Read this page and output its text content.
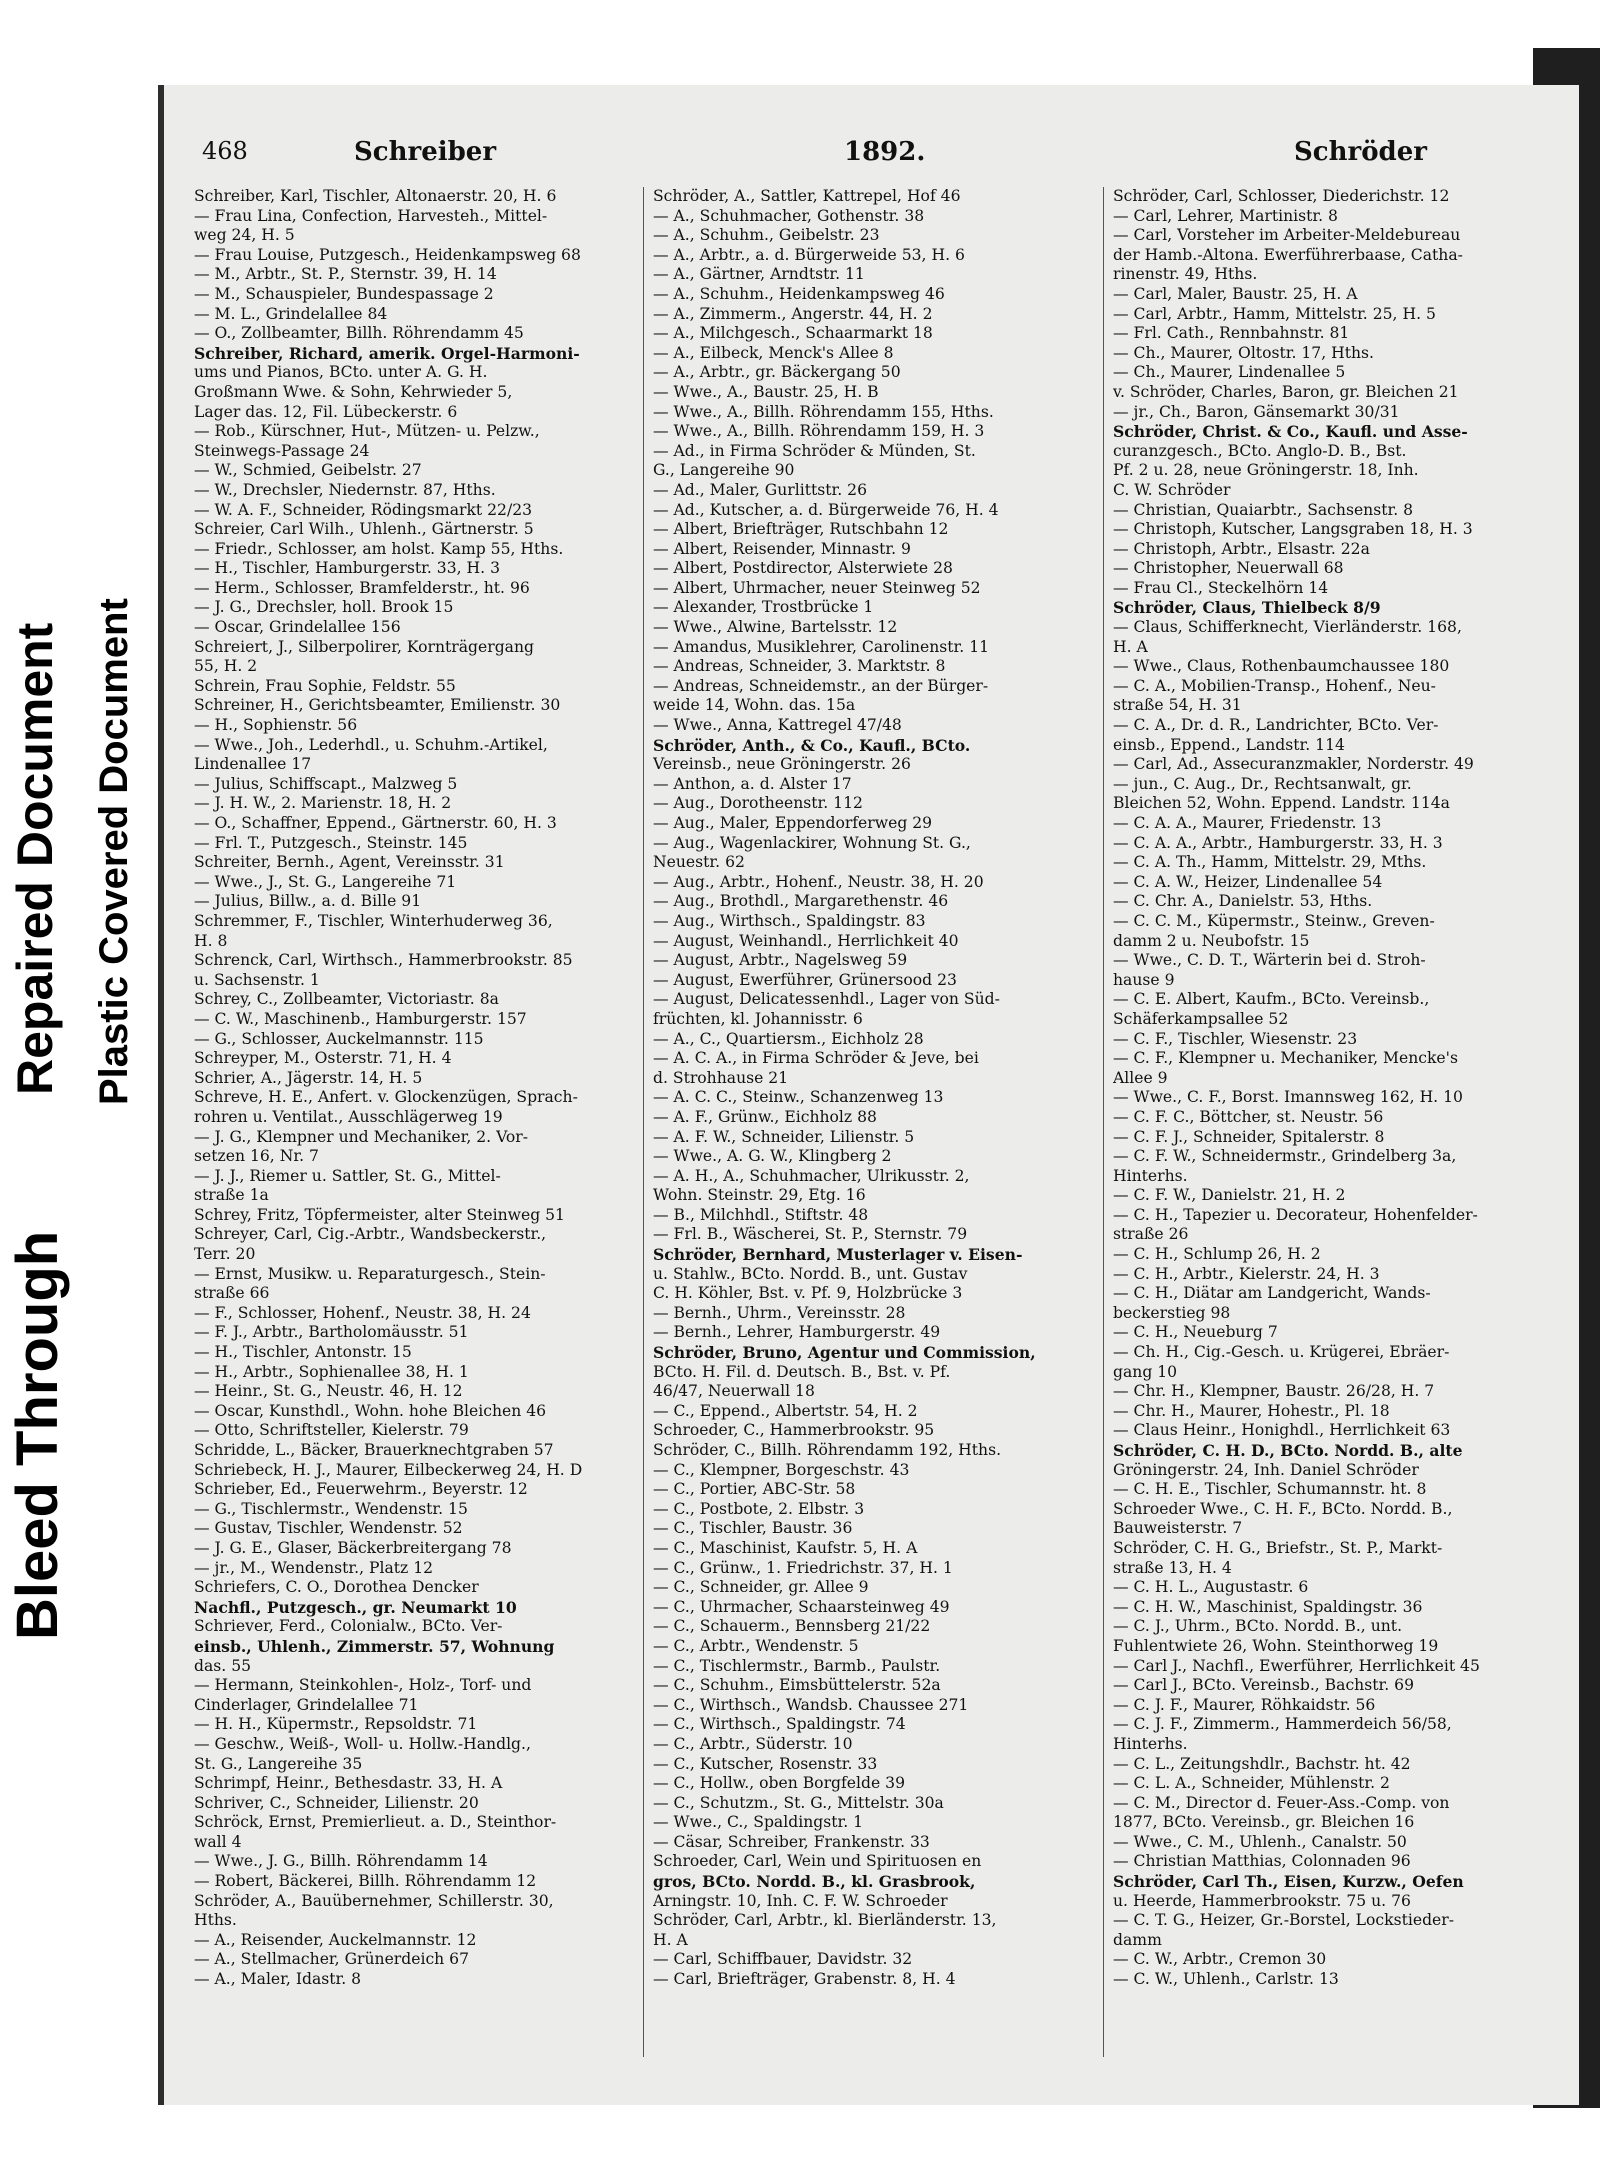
Bleed Through
Repaired Document Plastic Covered Document
468	Schreiber	1892.	Schröder
Schreiber, Karl, Tischler, Altonaerstr. 20, H. 6
— Frau Lina, Confection, Harvesteh., Mittel-
weg 24, H. 5
— Frau Louise, Putzgesch., Heidenkampsweg 68
— M., Arbtr., St. P., Sternstr. 39, H. 14
— M., Schauspieler, Bundespassage 2
— M. L., Grindelallee 84
— O., Zollbeamter, Billh. Röhrendamm 45
Schreiber, Richard, amerik. Orgel-Harmoni-
ums und Pianos, BCto. unter A. G. H.
Großmann Wwe. & Sohn, Kehrwieder 5,
Lager das. 12, Fil. Lübeckerstr. 6
— Rob., Kürschner, Hut-, Mützen- u. Pelzw.,
Steinwegs-Passage 24
— W., Schmied, Geibelstr. 27
— W., Drechsler, Niedernstr. 87, Hths.
— W. A. F., Schneider, Rödingsmarkt 22/23
Schreier, Carl Wilh., Uhlenh., Gärtnerstr. 5
— Friedr., Schlosser, am holst. Kamp 55, Hths.
— H., Tischler, Hamburgerstr. 33, H. 3
— Herm., Schlosser, Bramfelderstr., ht. 96
— J. G., Drechsler, holl. Brook 15
— Oscar, Grindelallee 156
Schreiert, J., Silberpolirer, Kornträgergang
55, H. 2
Schrein, Frau Sophie, Feldstr. 55
Schreiner, H., Gerichtsbeamter, Emilienstr. 30
— H., Sophienstr. 56
— Wwe., Joh., Lederhdl., u. Schuhm.-Artikel,
Lindenallee 17
— Julius, Schiffscapt., Malzweg 5
— J. H. W., 2. Marienstr. 18, H. 2
— O., Schaffner, Eppend., Gärtnerstr. 60, H. 3
— Frl. T., Putzgesch., Steinstr. 145
Schreiter, Bernh., Agent, Vereinsstr. 31
— Wwe., J., St. G., Langereihe 71
— Julius, Billw., a. d. Bille 91
Schremmer, F., Tischler, Winterhuderweg 36,
H. 8
Schrenck, Carl, Wirthsch., Hammerbrookstr. 85
u. Sachsenstr. 1
Schrey, C., Zollbeamter, Victoriastr. 8a
— C. W., Maschinenb., Hamburgerstr. 157
— G., Schlosser, Auckelmannstr. 115
Schreyper, M., Osterstr. 71, H. 4
Schrier, A., Jägerstr. 14, H. 5
Schreve, H. E., Anfert. v. Glockenzügen, Sprach-
rohren u. Ventilat., Ausschlägerweg 19
— J. G., Klempner und Mechaniker, 2. Vor-
setzen 16, Nr. 7
— J. J., Riemer u. Sattler, St. G., Mittel-
straße 1a
Schrey, Fritz, Töpfermeister, alter Steinweg 51
Schreyer, Carl, Cig.-Arbtr., Wandsbeckerstr.,
Terr. 20
— Ernst, Musikw. u. Reparaturgesch., Stein-
straße 66
— F., Schlosser, Hohenf., Neustr. 38, H. 24
— F. J., Arbtr., Bartholomäusstr. 51
— H., Tischler, Antonstr. 15
— H., Arbtr., Sophienallee 38, H. 1
— Heinr., St. G., Neustr. 46, H. 12
— Oscar, Kunsthdl., Wohn. hohe Bleichen 46
— Otto, Schriftsteller, Kielerstr. 79
Schridde, L., Bäcker, Brauerknechtgraben 57
Schriebeck, H. J., Maurer, Eilbeckerweg 24, H. D
Schrieber, Ed., Feuerwehrm., Beyerstr. 12
— G., Tischlermstr., Wendenstr. 15
— Gustav, Tischler, Wendenstr. 52
— J. G. E., Glaser, Bäckerbreitergang 78
— jr., M., Wendenstr., Platz 12
Schriefers, C. O., Dorothea Dencker
Nachfl., Putzgesch., gr. Neumarkt 10
Schriever, Ferd., Colonialw., BCto. Ver-
einsb., Uhlenh., Zimmerstr. 57, Wohnung
das. 55
— Hermann, Steinkohlen-, Holz-, Torf- und
Cinderlager, Grindelallee 71
— H. H., Küpermstr., Repsoldstr. 71
— Geschw., Weiß-, Woll- u. Hollw.-Handlg.,
St. G., Langereihe 35
Schrimpf, Heinr., Bethesdastr. 33, H. A
Schriver, C., Schneider, Lilienstr. 20
Schröck, Ernst, Premierlieut. a. D., Steinthor-
wall 4
— Wwe., J. G., Billh. Röhrendamm 14
— Robert, Bäckerei, Billh. Röhrendamm 12
Schröder, A., Bauübernehmer, Schillerstr. 30,
Hths.
— A., Reisender, Auckelmannstr. 12
— A., Stellmacher, Grünerdeich 67
— A., Maler, Idastr. 8
Schröder, A., Sattler, Kattrepel, Hof 46
— A., Schuhmacher, Gothenstr. 38
— A., Schuhm., Geibelstr. 23
— A., Arbtr., a. d. Bürgerweide 53, H. 6
— A., Gärtner, Arndtstr. 11
— A., Schuhm., Heidenkampsweg 46
— A., Zimmerm., Angerstr. 44, H. 2
— A., Milchgesch., Schaarmarkt 18
— A., Eilbeck, Menck's Allee 8
— A., Arbtr., gr. Bäckergang 50
— Wwe., A., Baustr. 25, H. B
— Wwe., A., Billh. Röhrendamm 155, Hths.
— Wwe., A., Billh. Röhrendamm 159, H. 3
— Ad., in Firma Schröder & Münden, St.
G., Langereihe 90
— Ad., Maler, Gurlittstr. 26
— Ad., Kutscher, a. d. Bürgerweide 76, H. 4
— Albert, Briefträger, Rutschbahn 12
— Albert, Reisender, Minnastr. 9
— Albert, Postdirector, Alsterwiete 28
— Albert, Uhrmacher, neuer Steinweg 52
— Alexander, Trostbrücke 1
— Wwe., Alwine, Bartelsstr. 12
— Amandus, Musiklehrer, Carolinenstr. 11
— Andreas, Schneider, 3. Marktstr. 8
— Andreas, Schneidemstr., an der Bürger-
weide 14, Wohn. das. 15a
— Wwe., Anna, Kattregel 47/48
Schröder, Anth., & Co., Kaufl., BCto.
Vereinsb., neue Gröningerstr. 26
— Anthon, a. d. Alster 17
— Aug., Dorotheenstr. 112
— Aug., Maler, Eppendorferweg 29
— Aug., Wagenlackirer, Wohnung St. G.,
Neuestr. 62
— Aug., Arbtr., Hohenf., Neustr. 38, H. 20
— Aug., Brothdl., Margarethenstr. 46
— Aug., Wirthsch., Spaldingstr. 83
— August, Weinhandl., Herrlichkeit 40
— August, Arbtr., Nagelsweg 59
— August, Ewerführer, Grünersood 23
— August, Delicatessenhdl., Lager von Süd-
früchten, kl. Johannisstr. 6
— A., C., Quartiersm., Eichholz 28
— A. C. A., in Firma Schröder & Jeve, bei
d. Strohhause 21
— A. C. C., Steinw., Schanzenweg 13
— A. F., Grünw., Eichholz 88
— A. F. W., Schneider, Lilienstr. 5
— Wwe., A. G. W., Klingberg 2
— A. H., A., Schuhmacher, Ulrikusstr. 2,
Wohn. Steinstr. 29, Etg. 16
— B., Milchhdl., Stiftstr. 48
— Frl. B., Wäscherei, St. P., Sternstr. 79
Schröder, Bernhard, Musterlager v. Eisen-
u. Stahlw., BCto. Nordd. B., unt. Gustav
C. H. Köhler, Bst. v. Pf. 9, Holzbrücke 3
— Bernh., Uhrm., Vereinsstr. 28
— Bernh., Lehrer, Hamburgerstr. 49
Schröder, Bruno, Agentur und Commission,
BCto. H. Fil. d. Deutsch. B., Bst. v. Pf.
46/47, Neuerwall 18
— C., Eppend., Albertstr. 54, H. 2
Schroeder, C., Hammerbrookstr. 95
Schröder, C., Billh. Röhrendamm 192, Hths.
— C., Klempner, Borgeschstr. 43
— C., Portier, ABC-Str. 58
— C., Postbote, 2. Elbstr. 3
— C., Tischler, Baustr. 36
— C., Maschinist, Kaufstr. 5, H. A
— C., Grünw., 1. Friedrichstr. 37, H. 1
— C., Schneider, gr. Allee 9
— C., Uhrmacher, Schaarsteinweg 49
— C., Schauerm., Bennsberg 21/22
— C., Arbtr., Wendenstr. 5
— C., Tischlermstr., Barmb., Paulstr.
— C., Schuhm., Eimsbüttelerstr. 52a
— C., Wirthsch., Wandsb. Chaussee 271
— C., Wirthsch., Spaldingstr. 74
— C., Arbtr., Süderstr. 10
— C., Kutscher, Rosenstr. 33
— C., Hollw., oben Borgfelde 39
— C., Schutzm., St. G., Mittelstr. 30a
— Wwe., C., Spaldingstr. 1
— Cäsar, Schreiber, Frankenstr. 33
Schroeder, Carl, Wein und Spirituosen en
gros, BCto. Nordd. B., kl. Grasbrook,
Arningstr. 10, Inh. C. F. W. Schroeder
Schröder, Carl, Arbtr., kl. Bierländerstr. 13,
H. A
— Carl, Schiffbauer, Davidstr. 32
— Carl, Briefträger, Grabenstr. 8, H. 4
Schröder, Carl, Schlosser, Diederichstr. 12
— Carl, Lehrer, Martinistr. 8
— Carl, Vorsteher im Arbeiter-Meldebureau
der Hamb.-Altona. Ewerführerbaase, Catha-
rinenstr. 49, Hths.
— Carl, Maler, Baustr. 25, H. A
— Carl, Arbtr., Hamm, Mittelstr. 25, H. 5
— Frl. Cath., Rennbahnstr. 81
— Ch., Maurer, Oltostr. 17, Hths.
— Ch., Maurer, Lindenallee 5
v. Schröder, Charles, Baron, gr. Bleichen 21
— jr., Ch., Baron, Gänsemarkt 30/31
Schröder, Christ. & Co., Kaufl. und Asse-
curanzgesch., BCto. Anglo-D. B., Bst.
Pf. 2 u. 28, neue Gröningerstr. 18, Inh.
C. W. Schröder
— Christian, Quaiarbtr., Sachsenstr. 8
— Christoph, Kutscher, Langsgraben 18, H. 3
— Christoph, Arbtr., Elsastr. 22a
— Christopher, Neuerwall 68
— Frau Cl., Steckelhörn 14
Schröder, Claus, Thielbeck 8/9
— Claus, Schifferknecht, Vierländerstr. 168,
H. A
— Wwe., Claus, Rothenbaumchaussee 180
— C. A., Mobilien-Transp., Hohenf., Neu-
straße 54, H. 31
— C. A., Dr. d. R., Landrichter, BCto. Ver-
einsb., Eppend., Landstr. 114
— Carl, Ad., Assecuranzmakler, Norderstr. 49
— jun., C. Aug., Dr., Rechtsanwalt, gr.
Bleichen 52, Wohn. Eppend. Landstr. 114a
— C. A. A., Maurer, Friedenstr. 13
— C. A. A., Arbtr., Hamburgerstr. 33, H. 3
— C. A. Th., Hamm, Mittelstr. 29, Mths.
— C. A. W., Heizer, Lindenallee 54
— C. Chr. A., Danielstr. 53, Hths.
— C. C. M., Küpermstr., Steinw., Greven-
damm 2 u. Neubofstr. 15
— Wwe., C. D. T., Wärterin bei d. Stroh-
hause 9
— C. E. Albert, Kaufm., BCto. Vereinsb.,
Schäferkampsallee 52
— C. F., Tischler, Wiesenstr. 23
— C. F., Klempner u. Mechaniker, Mencke's
Allee 9
— Wwe., C. F., Borst. Imannsweg 162, H. 10
— C. F. C., Böttcher, st. Neustr. 56
— C. F. J., Schneider, Spitalerstr. 8
— C. F. W., Schneidermstr., Grindelberg 3a,
Hinterhs.
— C. F. W., Danielstr. 21, H. 2
— C. H., Tapezier u. Decorateur, Hohenfelder-
straße 26
— C. H., Schlump 26, H. 2
— C. H., Arbtr., Kielerstr. 24, H. 3
— C. H., Diätar am Landgericht, Wands-
beckerstieg 98
— C. H., Neueburg 7
— Ch. H., Cig.-Gesch. u. Krügerei, Ebräer-
gang 10
— Chr. H., Klempner, Baustr. 26/28, H. 7
— Chr. H., Maurer, Hohestr., Pl. 18
— Claus Heinr., Honighdl., Herrlichkeit 63
Schröder, C. H. D., BCto. Nordd. B., alte
Gröningerstr. 24, Inh. Daniel Schröder
— C. H. E., Tischler, Schumannstr. ht. 8
Schroeder Wwe., C. H. F., BCto. Nordd. B.,
Bauweisterstr. 7
Schröder, C. H. G., Briefstr., St. P., Markt-
straße 13, H. 4
— C. H. L., Augustastr. 6
— C. H. W., Maschinist, Spaldingstr. 36
— C. J., Uhrm., BCto. Nordd. B., unt.
Fuhlentwiete 26, Wohn. Steinthorweg 19
— Carl J., Nachfl., Ewerführer, Herrlichkeit 45
— Carl J., BCto. Vereinsb., Bachstr. 69
— C. J. F., Maurer, Röhkaidstr. 56
— C. J. F., Zimmerm., Hammerdeich 56/58,
Hinterhs.
— C. L., Zeitungshdlr., Bachstr. ht. 42
— C. L. A., Schneider, Mühlenstr. 2
— C. M., Director d. Feuer-Ass.-Comp. von
1877, BCto. Vereinsb., gr. Bleichen 16
— Wwe., C. M., Uhlenh., Canalstr. 50
— Christian Matthias, Colonnaden 96
Schröder, Carl Th., Eisen, Kurzw., Oefen
u. Heerde, Hammerbrookstr. 75 u. 76
— C. T. G., Heizer, Gr.-Borstel, Lockstieder-
damm
— C. W., Arbtr., Cremon 30
— C. W., Uhlenh., Carlstr. 13
